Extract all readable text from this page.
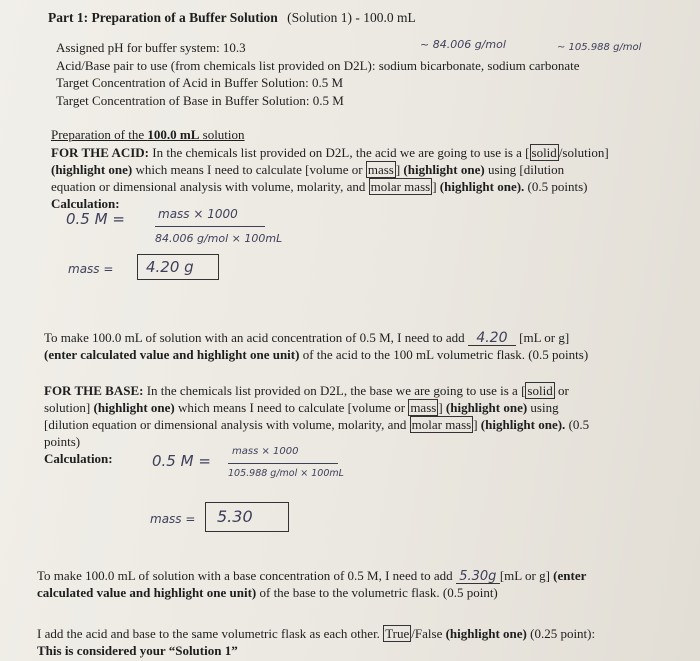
Part 1: Preparation of a Buffer Solution (Solution 1) - 100.0 mL
Assigned pH for buffer system: 10.3	~ 84.006 g/mol	~ 105.988 g/mol
Acid/Base pair to use (from chemicals list provided on D2L): sodium bicarbonate, sodium carbonate
Target Concentration of Acid in Buffer Solution: 0.5 M
Target Concentration of Base in Buffer Solution: 0.5 M
Preparation of the 100.0 mL solution
FOR THE ACID: In the chemicals list provided on D2L, the acid we are going to use is a [ solid /solution]
(highlight one) which means I need to calculate [volume or mass ] (highlight one) using [dilution
equation or dimensional analysis with volume, molarity, and molar mass ] (highlight one). (0.5 points)
Calculation:
0.5 M =	mass × 1000
84.006 g/mol × 100mL
mass = 4.20 g
To make 100.0 mL of solution with an acid concentration of 0.5 M, I need to add 4.20 [mL or g]
(enter calculated value and highlight one unit) of the acid to the 100 mL volumetric flask. (0.5 points)
FOR THE BASE: In the chemicals list provided on D2L, the base we are going to use is a [ solid or
solution] (highlight one) which means I need to calculate [volume or mass ] (highlight one) using
[dilution equation or dimensional analysis with volume, molarity, and molar mass ] (highlight one). (0.5
points)
Calculation:	0.5 M =
mass × 1000
105.988 g/mol × 100mL
mass = 5.30
To make 100.0 mL of solution with a base concentration of 0.5 M, I need to add 5.30g [mL or g] (enter
calculated value and highlight one unit) of the base to the volumetric flask. (0.5 point)
I add the acid and base to the same volumetric flask as each other. True /False (highlight one) (0.25 point):
This is considered your “Solution 1”
